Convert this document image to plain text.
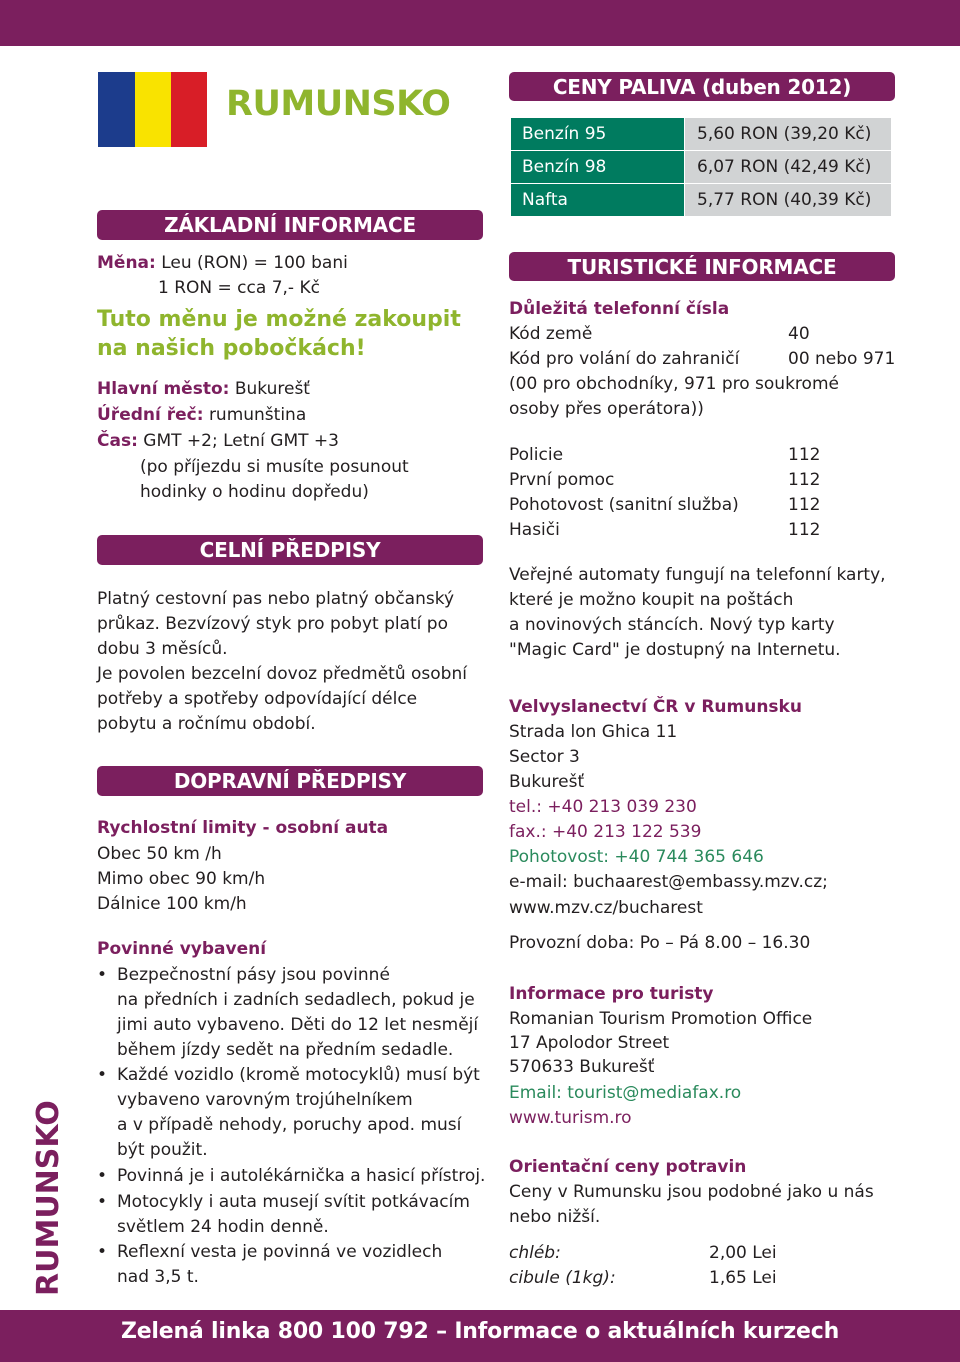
RUMUNSKO
RUMUNSKO
ZÁKLADNÍ INFORMACE
Měna: Leu (RON) = 100 bani
1 RON = cca 7,- Kč
Tuto měnu je možné zakoupit
na našich pobočkách!
Hlavní město: Bukurešť
Úřední řeč: rumunština
Čas: GMT +2; Letní GMT +3
(po příjezdu si musíte posunout
hodinky o hodinu dopředu)
CELNÍ PŘEDPISY
Platný cestovní pas nebo platný občanský
průkaz. Bezvízový styk pro pobyt platí po
dobu 3 měsíců.
Je povolen bezcelní dovoz předmětů osobní
potřeby a spotřeby odpovídající délce
pobytu a ročnímu období.
DOPRAVNÍ PŘEDPISY
Rychlostní limity - osobní auta
Obec 50 km /h
Mimo obec 90 km/h
Dálnice 100 km/h
Povinné vybavení
• Bezpečnostní pásy jsou povinné
na předních i zadních sedadlech, pokud je
jimi auto vybaveno. Děti do 12 let nesmějí
během jízdy sedět na předním sedadle.
• Každé vozidlo (kromě motocyklů) musí být
vybaveno varovným trojúhelníkem
a v případě nehody, poruchy apod. musí
být použit.
• Povinná je i autolékárnička a hasicí přístroj.
• Motocykly i auta musejí svítit potkávacím
světlem 24 hodin denně.
• Reflexní vesta je povinná ve vozidlech
nad 3,5 t.
CENY PALIVA (duben 2012)
Benzín 95	5,60 RON (39,20 Kč)
Benzín 98	6,07 RON (42,49 Kč)
Nafta	5,77 RON (40,39 Kč)
TURISTICKÉ INFORMACE
Důležitá telefonní čísla
Kód země	40
Kód pro volání do zahraničí	00 nebo 971
(00 pro obchodníky, 971 pro soukromé
osoby přes operátora))
Policie	112
První pomoc	112
Pohotovost (sanitní služba)	112
Hasiči	112
Veřejné automaty fungují na telefonní karty,
které je možno koupit na poštách
a novinových stáncích. Nový typ karty
"Magic Card" je dostupný na Internetu.
Velvyslanectví ČR v Rumunsku
Strada lon Ghica 11
Sector 3
Bukurešť
tel.: +40 213 039 230
fax.: +40 213 122 539
Pohotovost: +40 744 365 646
e-mail: buchaarest@embassy.mzv.cz;
www.mzv.cz/bucharest
Provozní doba: Po – Pá 8.00 – 16.30
Informace pro turisty
Romanian Tourism Promotion Office
17 Apolodor Street
570633 Bukurešť
Email: tourist@mediafax.ro
www.turism.ro
Orientační ceny potravin
Ceny v Rumunsku jsou podobné jako u nás
nebo nižší.
chléb:	2,00 Lei
cibule (1kg):	1,65 Lei
Zelená linka 800 100 792 – Informace o aktuálních kurzech
